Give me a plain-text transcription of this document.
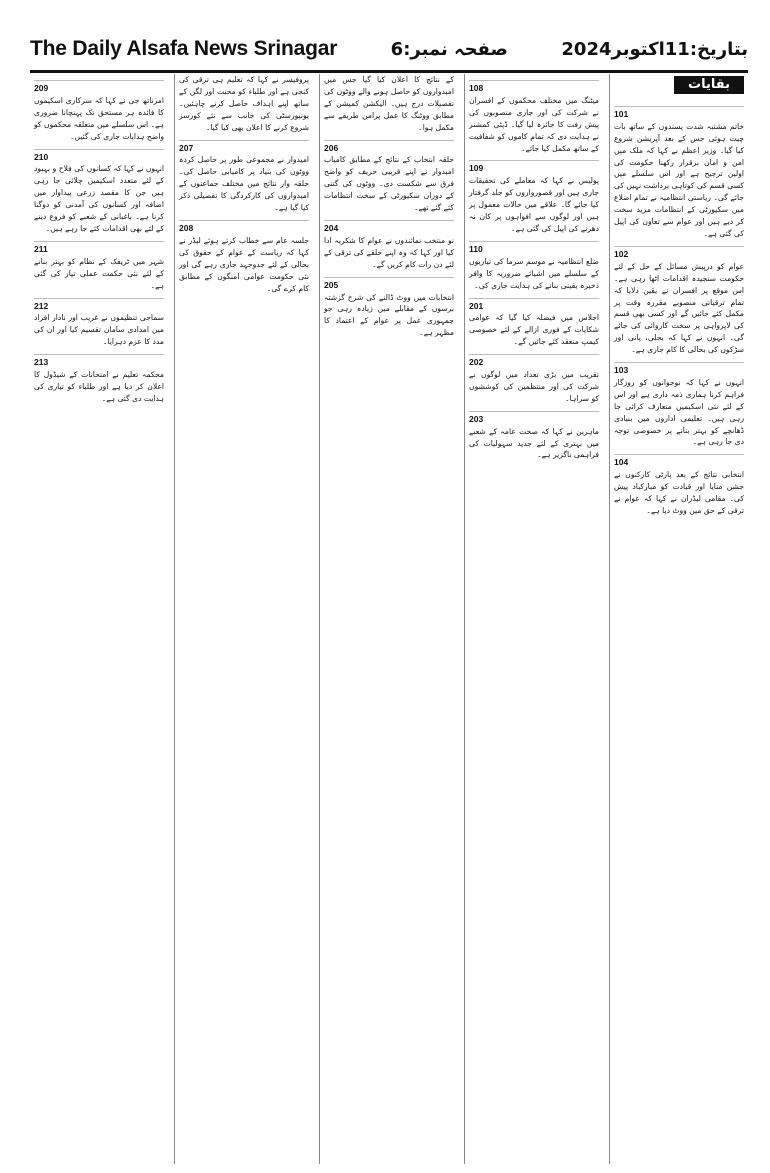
The Daily Alsafa News Srinagar	صفحہ نمبر:6	بتاریخ:11اکتوبر2024
بقایات
101

خاتم مشتبہ شدت پسندوں کے ساتھ بات چیت ہوئی جس کے بعد آپریشن شروع کیا گیا۔ وزیر اعظم نے کہا کہ ملک میں امن و امان برقرار رکھنا حکومت کی اولین ترجیح ہے اور اس سلسلے میں کسی قسم کی کوتاہی برداشت نہیں کی جائے گی۔ ریاستی انتظامیہ نے تمام اضلاع میں سکیورٹی کے انتظامات مزید سخت کر دیے ہیں اور عوام سے تعاون کی اپیل کی گئی ہے۔

102

عوام کو درپیش مسائل کے حل کے لئے حکومت سنجیدہ اقدامات اٹھا رہی ہے۔ اس موقع پر افسران نے یقین دلایا کہ تمام ترقیاتی منصوبے مقررہ وقت پر مکمل کئے جائیں گے اور کسی بھی قسم کی لاپرواہی پر سخت کاروائی کی جائے گی۔ انہوں نے کہا کہ بجلی، پانی اور سڑکوں کی بحالی کا کام جاری ہے۔

103

انہوں نے کہا کہ نوجوانوں کو روزگار فراہم کرنا ہماری ذمہ داری ہے اور اس کے لئے نئی اسکیمیں متعارف کرائی جا رہی ہیں۔ تعلیمی اداروں میں بنیادی ڈھانچے کو بہتر بنانے پر خصوصی توجہ دی جا رہی ہے۔

104

انتخابی نتائج کے بعد پارٹی کارکنوں نے جشن منایا اور قیادت کو مبارکباد پیش کی۔ مقامی لیڈران نے کہا کہ عوام نے ترقی کے حق میں ووٹ دیا ہے۔

108

میٹنگ میں مختلف محکموں کے افسران نے شرکت کی اور جاری منصوبوں کی پیش رفت کا جائزہ لیا گیا۔ ڈپٹی کمشنر نے ہدایت دی کہ تمام کاموں کو شفافیت کے ساتھ مکمل کیا جائے۔

109

پولیس نے کہا کہ معاملے کی تحقیقات جاری ہیں اور قصورواروں کو جلد گرفتار کیا جائے گا۔ علاقے میں حالات معمول پر ہیں اور لوگوں سے افواہوں پر کان نہ دھرنے کی اپیل کی گئی ہے۔

110

ضلع انتظامیہ نے موسم سرما کی تیاریوں کے سلسلے میں اشیائے ضروریہ کا وافر ذخیرہ یقینی بنانے کی ہدایت جاری کی۔

201

اجلاس میں فیصلہ کیا گیا کہ عوامی شکایات کے فوری ازالے کے لئے خصوصی کیمپ منعقد کئے جائیں گے۔

202

تقریب میں بڑی تعداد میں لوگوں نے شرکت کی اور منتظمین کی کوششوں کو سراہا۔

203

ماہرین نے کہا کہ صحت عامہ کے شعبے میں بہتری کے لئے جدید سہولیات کی فراہمی ناگزیر ہے۔

کے نتائج کا اعلان کیا گیا جس میں امیدواروں کو حاصل ہونے والے ووٹوں کی تفصیلات درج ہیں۔ الیکشن کمیشن کے مطابق ووٹنگ کا عمل پرامن طریقے سے مکمل ہوا۔

206

حلقہ انتخاب کے نتائج کے مطابق کامیاب امیدوار نے اپنے قریبی حریف کو واضح فرق سے شکست دی۔ ووٹوں کی گنتی کے دوران سکیورٹی کے سخت انتظامات کئے گئے تھے۔

204

نو منتخب نمائندوں نے عوام کا شکریہ ادا کیا اور کہا کہ وہ اپنے حلقے کی ترقی کے لئے دن رات کام کریں گے۔

205

انتخابات میں ووٹ ڈالنے کی شرح گزشتہ برسوں کے مقابلے میں زیادہ رہی جو جمہوری عمل پر عوام کے اعتماد کا مظہر ہے۔

پروفیسر نے کہا کہ تعلیم ہی ترقی کی کنجی ہے اور طلباء کو محنت اور لگن کے ساتھ اپنے اہداف حاصل کرنے چاہئیں۔ یونیورسٹی کی جانب سے نئے کورسز شروع کرنے کا اعلان بھی کیا گیا۔

207

امیدوار نے مجموعی طور پر حاصل کردہ ووٹوں کی بنیاد پر کامیابی حاصل کی۔ حلقہ وار نتائج میں مختلف جماعتوں کے امیدواروں کی کارکردگی کا تفصیلی ذکر کیا گیا ہے۔

208

جلسہ عام سے خطاب کرتے ہوئے لیڈر نے کہا کہ ریاست کے عوام کے حقوق کی بحالی کے لئے جدوجہد جاری رہے گی اور نئی حکومت عوامی امنگوں کے مطابق کام کرے گی۔

209

امرناتھ جی نے کہا کہ سرکاری اسکیموں کا فائدہ ہر مستحق تک پہنچانا ضروری ہے۔ اس سلسلے میں متعلقہ محکموں کو واضح ہدایات جاری کی گئیں۔

210

انہوں نے کہا کہ کسانوں کی فلاح و بہبود کے لئے متعدد اسکیمیں چلائی جا رہی ہیں جن کا مقصد زرعی پیداوار میں اضافہ اور کسانوں کی آمدنی کو دوگنا کرنا ہے۔ باغبانی کے شعبے کو فروغ دینے کے لئے بھی اقدامات کئے جا رہے ہیں۔

211

شہر میں ٹریفک کے نظام کو بہتر بنانے کے لئے نئی حکمت عملی تیار کی گئی ہے۔

212

سماجی تنظیموں نے غریب اور نادار افراد میں امدادی سامان تقسیم کیا اور ان کی مدد کا عزم دہرایا۔

213

محکمہ تعلیم نے امتحانات کے شیڈول کا اعلان کر دیا ہے اور طلباء کو تیاری کی ہدایت دی گئی ہے۔
